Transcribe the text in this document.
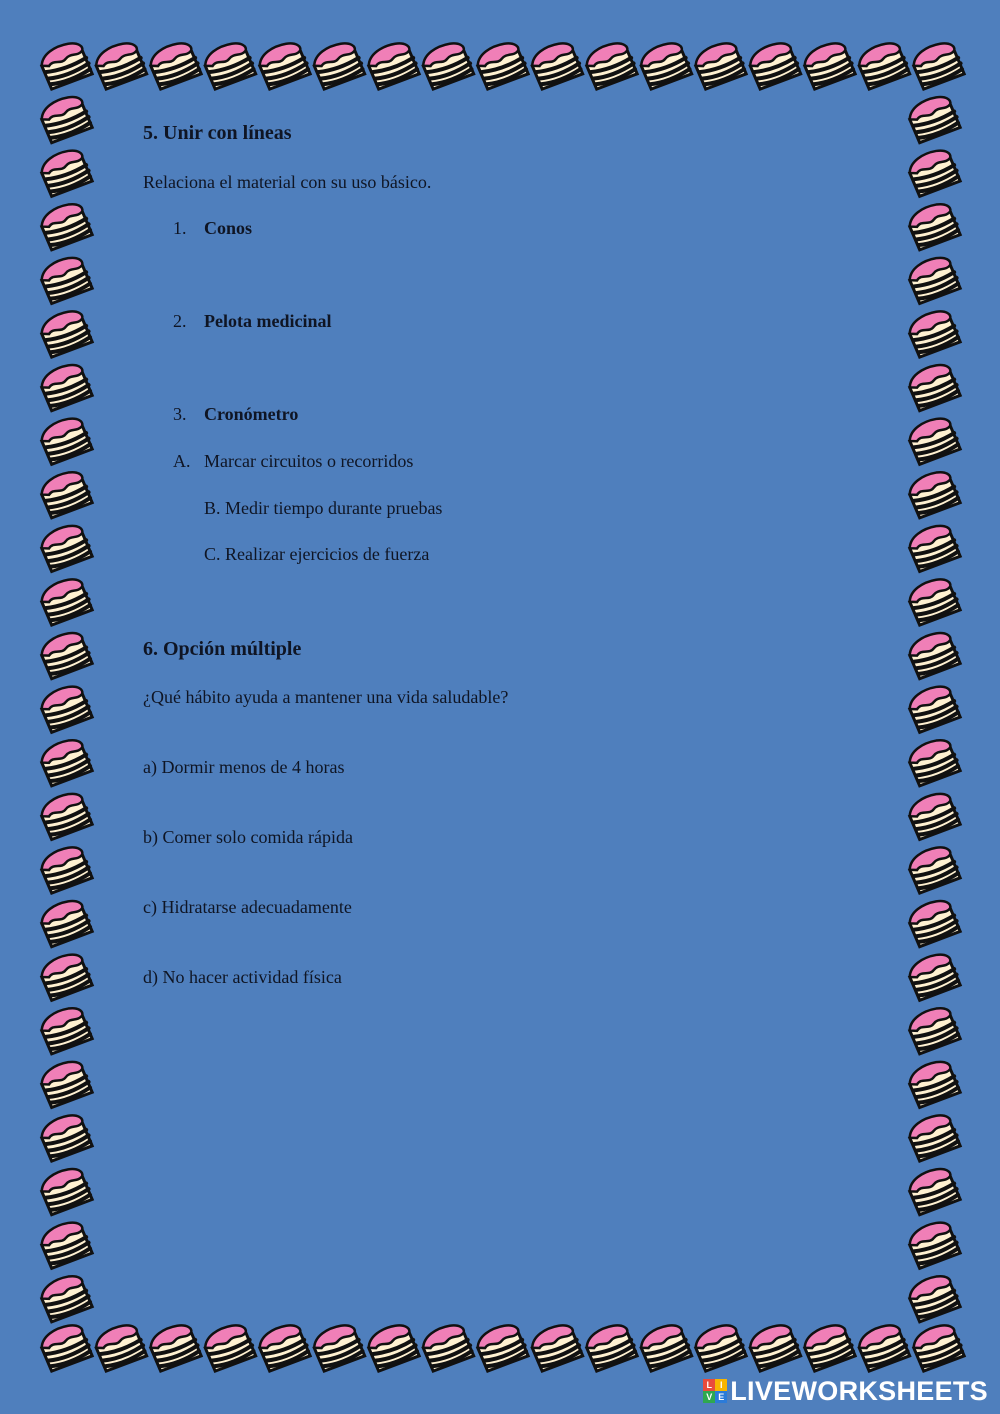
5. Unir con líneas

Relaciona el material con su uso básico.

1. Conos
2. Pelota medicinal
3. Cronómetro
A. Marcar circuitos o recorridos
B. Medir tiempo durante pruebas
C. Realizar ejercicios de fuerza
6. Opción múltiple

¿Qué hábito ayuda a mantener una vida saludable?

a) Dormir menos de 4 horas

b) Comer solo comida rápida

c) Hidratarse adecuadamente

d) No hacer actividad física

L I
V E LIVEWORKSHEETS
